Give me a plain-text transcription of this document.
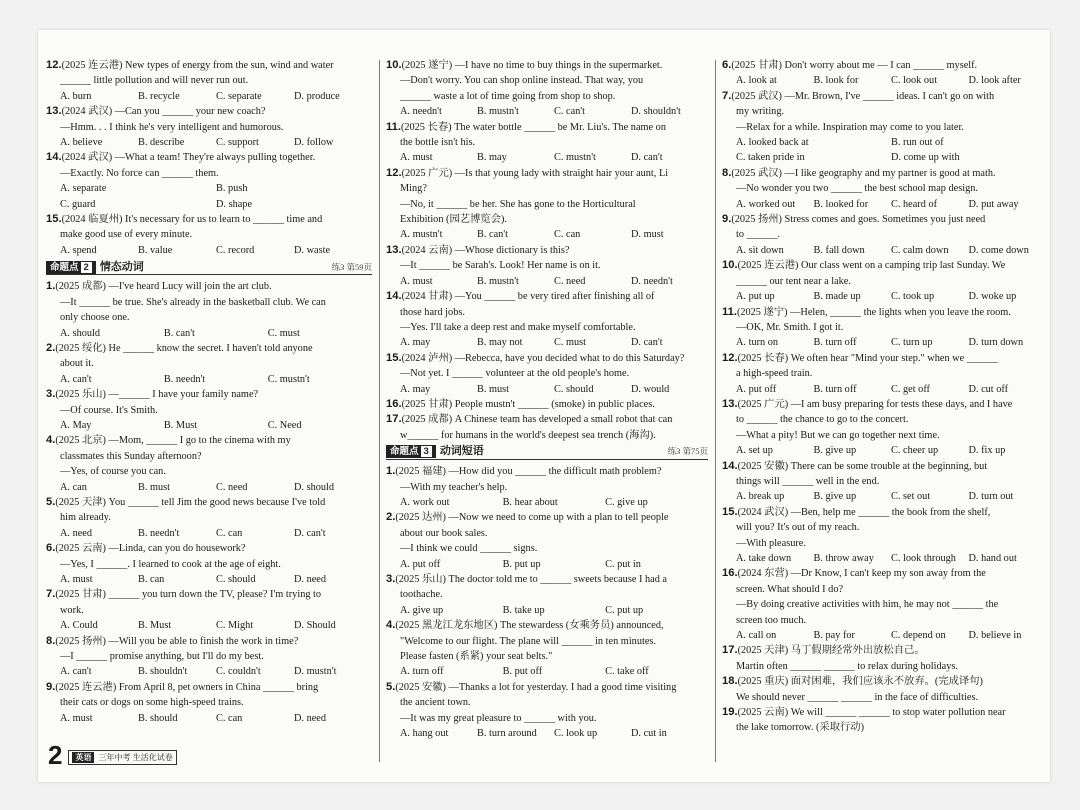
12.(2025 连云港) New types of energy from the sun, wind and water
______ little pollution and will never run out.
A. burn	B. recycle	C. separate	D. produce
13.(2024 武汉) —Can you ______ your new coach?
—Hmm. . . I think he's very intelligent and humorous.
A. believe	B. describe	C. support	D. follow
14.(2024 武汉) —What a team! They're always pulling together.
—Exactly. No force can ______ them.
A. separate	B. push
C. guard	D. shape
15.(2024 临夏州) It's necessary for us to learn to ______ time and
make good use of every minute.
A. spend	B. value	C. record	D. waste
命题点 2 情态动词	练3 第59页
1.(2025 成都) —I've heard Lucy will join the art club.
—It ______ be true. She's already in the basketball club. We can
only choose one.
A. should	B. can't	C. must
2.(2025 绥化) He ______ know the secret. I haven't told anyone
about it.
A. can't	B. needn't	C. mustn't
3.(2025 乐山) —______ I have your family name?
—Of course. It's Smith.
A. May	B. Must	C. Need
4.(2025 北京) —Mom, ______ I go to the cinema with my
classmates this Sunday afternoon?
—Yes, of course you can.
A. can	B. must	C. need	D. should
5.(2025 天津) You ______ tell Jim the good news because I've told
him already.
A. need	B. needn't	C. can	D. can't
6.(2025 云南) —Linda, can you do housework?
—Yes, I ______. I learned to cook at the age of eight.
A. must	B. can	C. should	D. need
7.(2025 甘肃) ______ you turn down the TV, please? I'm trying to
work.
A. Could	B. Must	C. Might	D. Should
8.(2025 扬州) —Will you be able to finish the work in time?
—I ______ promise anything, but I'll do my best.
A. can't	B. shouldn't	C. couldn't	D. mustn't
9.(2025 连云港) From April 8, pet owners in China ______ bring
their cats or dogs on some high-speed trains.
A. must	B. should	C. can	D. need
10.(2025 遂宁) —I have no time to buy things in the supermarket.
—Don't worry. You can shop online instead. That way, you
______ waste a lot of time going from shop to shop.
A. needn't	B. mustn't	C. can't	D. shouldn't
11.(2025 长春) The water bottle ______ be Mr. Liu's. The name on
the bottle isn't his.
A. must	B. may	C. mustn't	D. can't
12.(2025 广元) —Is that young lady with straight hair your aunt, Li
Ming?
—No, it ______ be her. She has gone to the Horticultural
Exhibition (园艺博览会).
A. mustn't	B. can't	C. can	D. must
13.(2024 云南) —Whose dictionary is this?
—It ______ be Sarah's. Look! Her name is on it.
A. must	B. mustn't	C. need	D. needn't
14.(2024 甘肃) —You ______ be very tired after finishing all of
those hard jobs.
—Yes. I'll take a deep rest and make myself comfortable.
A. may	B. may not	C. must	D. can't
15.(2024 泸州) —Rebecca, have you decided what to do this Saturday?
—Not yet. I ______ volunteer at the old people's home.
A. may	B. must	C. should	D. would
16.(2025 甘肃) People mustn't ______ (smoke) in public places.
17.(2025 成都) A Chinese team has developed a small robot that can
w______ for humans in the world's deepest sea trench (海沟).
命题点 3 动词短语	练3 第75页
1.(2025 福建) —How did you ______ the difficult math problem?
—With my teacher's help.
A. work out	B. hear about	C. give up
2.(2025 达州) —Now we need to come up with a plan to tell people
about our book sales.
—I think we could ______ signs.
A. put off	B. put up	C. put in
3.(2025 乐山) The doctor told me to ______ sweets because I had a
toothache.
A. give up	B. take up	C. put up
4.(2025 黑龙江龙东地区) The stewardess (女乘务员) announced,
"Welcome to our flight. The plane will ______ in ten minutes.
Please fasten (系紧) your seat belts."
A. turn off	B. put off	C. take off
5.(2025 安徽) —Thanks a lot for yesterday. I had a good time visiting
the ancient town.
—It was my great pleasure to ______ with you.
A. hang out	B. turn around	C. look up	D. cut in
6.(2025 甘肃) Don't worry about me — I can ______ myself.
A. look at	B. look for	C. look out	D. look after
7.(2025 武汉) —Mr. Brown, I've ______ ideas. I can't go on with
my writing.
—Relax for a while. Inspiration may come to you later.
A. looked back at	B. run out of
C. taken pride in	D. come up with
8.(2025 武汉) —I like geography and my partner is good at math.
—No wonder you two ______ the best school map design.
A. worked out	B. looked for	C. heard of	D. put away
9.(2025 扬州) Stress comes and goes. Sometimes you just need
to ______.
A. sit down	B. fall down	C. calm down	D. come down
10.(2025 连云港) Our class went on a camping trip last Sunday. We
______ our tent near a lake.
A. put up	B. made up	C. took up	D. woke up
11.(2025 遂宁) —Helen, ______ the lights when you leave the room.
—OK, Mr. Smith. I got it.
A. turn on	B. turn off	C. turn up	D. turn down
12.(2025 长春) We often hear "Mind your step." when we ______
a high-speed train.
A. put off	B. turn off	C. get off	D. cut off
13.(2025 广元) —I am busy preparing for tests these days, and I have
to ______ the chance to go to the concert.
—What a pity! But we can go together next time.
A. set up	B. give up	C. cheer up	D. fix up
14.(2025 安徽) There can be some trouble at the beginning, but
things will ______ well in the end.
A. break up	B. give up	C. set out	D. turn out
15.(2024 武汉) —Ben, help me ______ the book from the shelf,
will you? It's out of my reach.
—With pleasure.
A. take down	B. throw away	C. look through	D. hand out
16.(2024 东营) —Dr Know, I can't keep my son away from the
screen. What should I do?
—By doing creative activities with him, he may not ______ the
screen too much.
A. call on	B. pay for	C. depend on	D. believe in
17.(2025 天津) 马丁假期经常外出放松自己。
Martin often ______ ______ to relax during holidays.
18.(2025 重庆) 面对困难，我们应该永不放弃。(完成译句)
We should never ______ ______ in the face of difficulties.
19.(2025 云南) We will ______ ______ to stop water pollution near
the lake tomorrow. (采取行动)
2	英语 三年中考 生活化试卷
